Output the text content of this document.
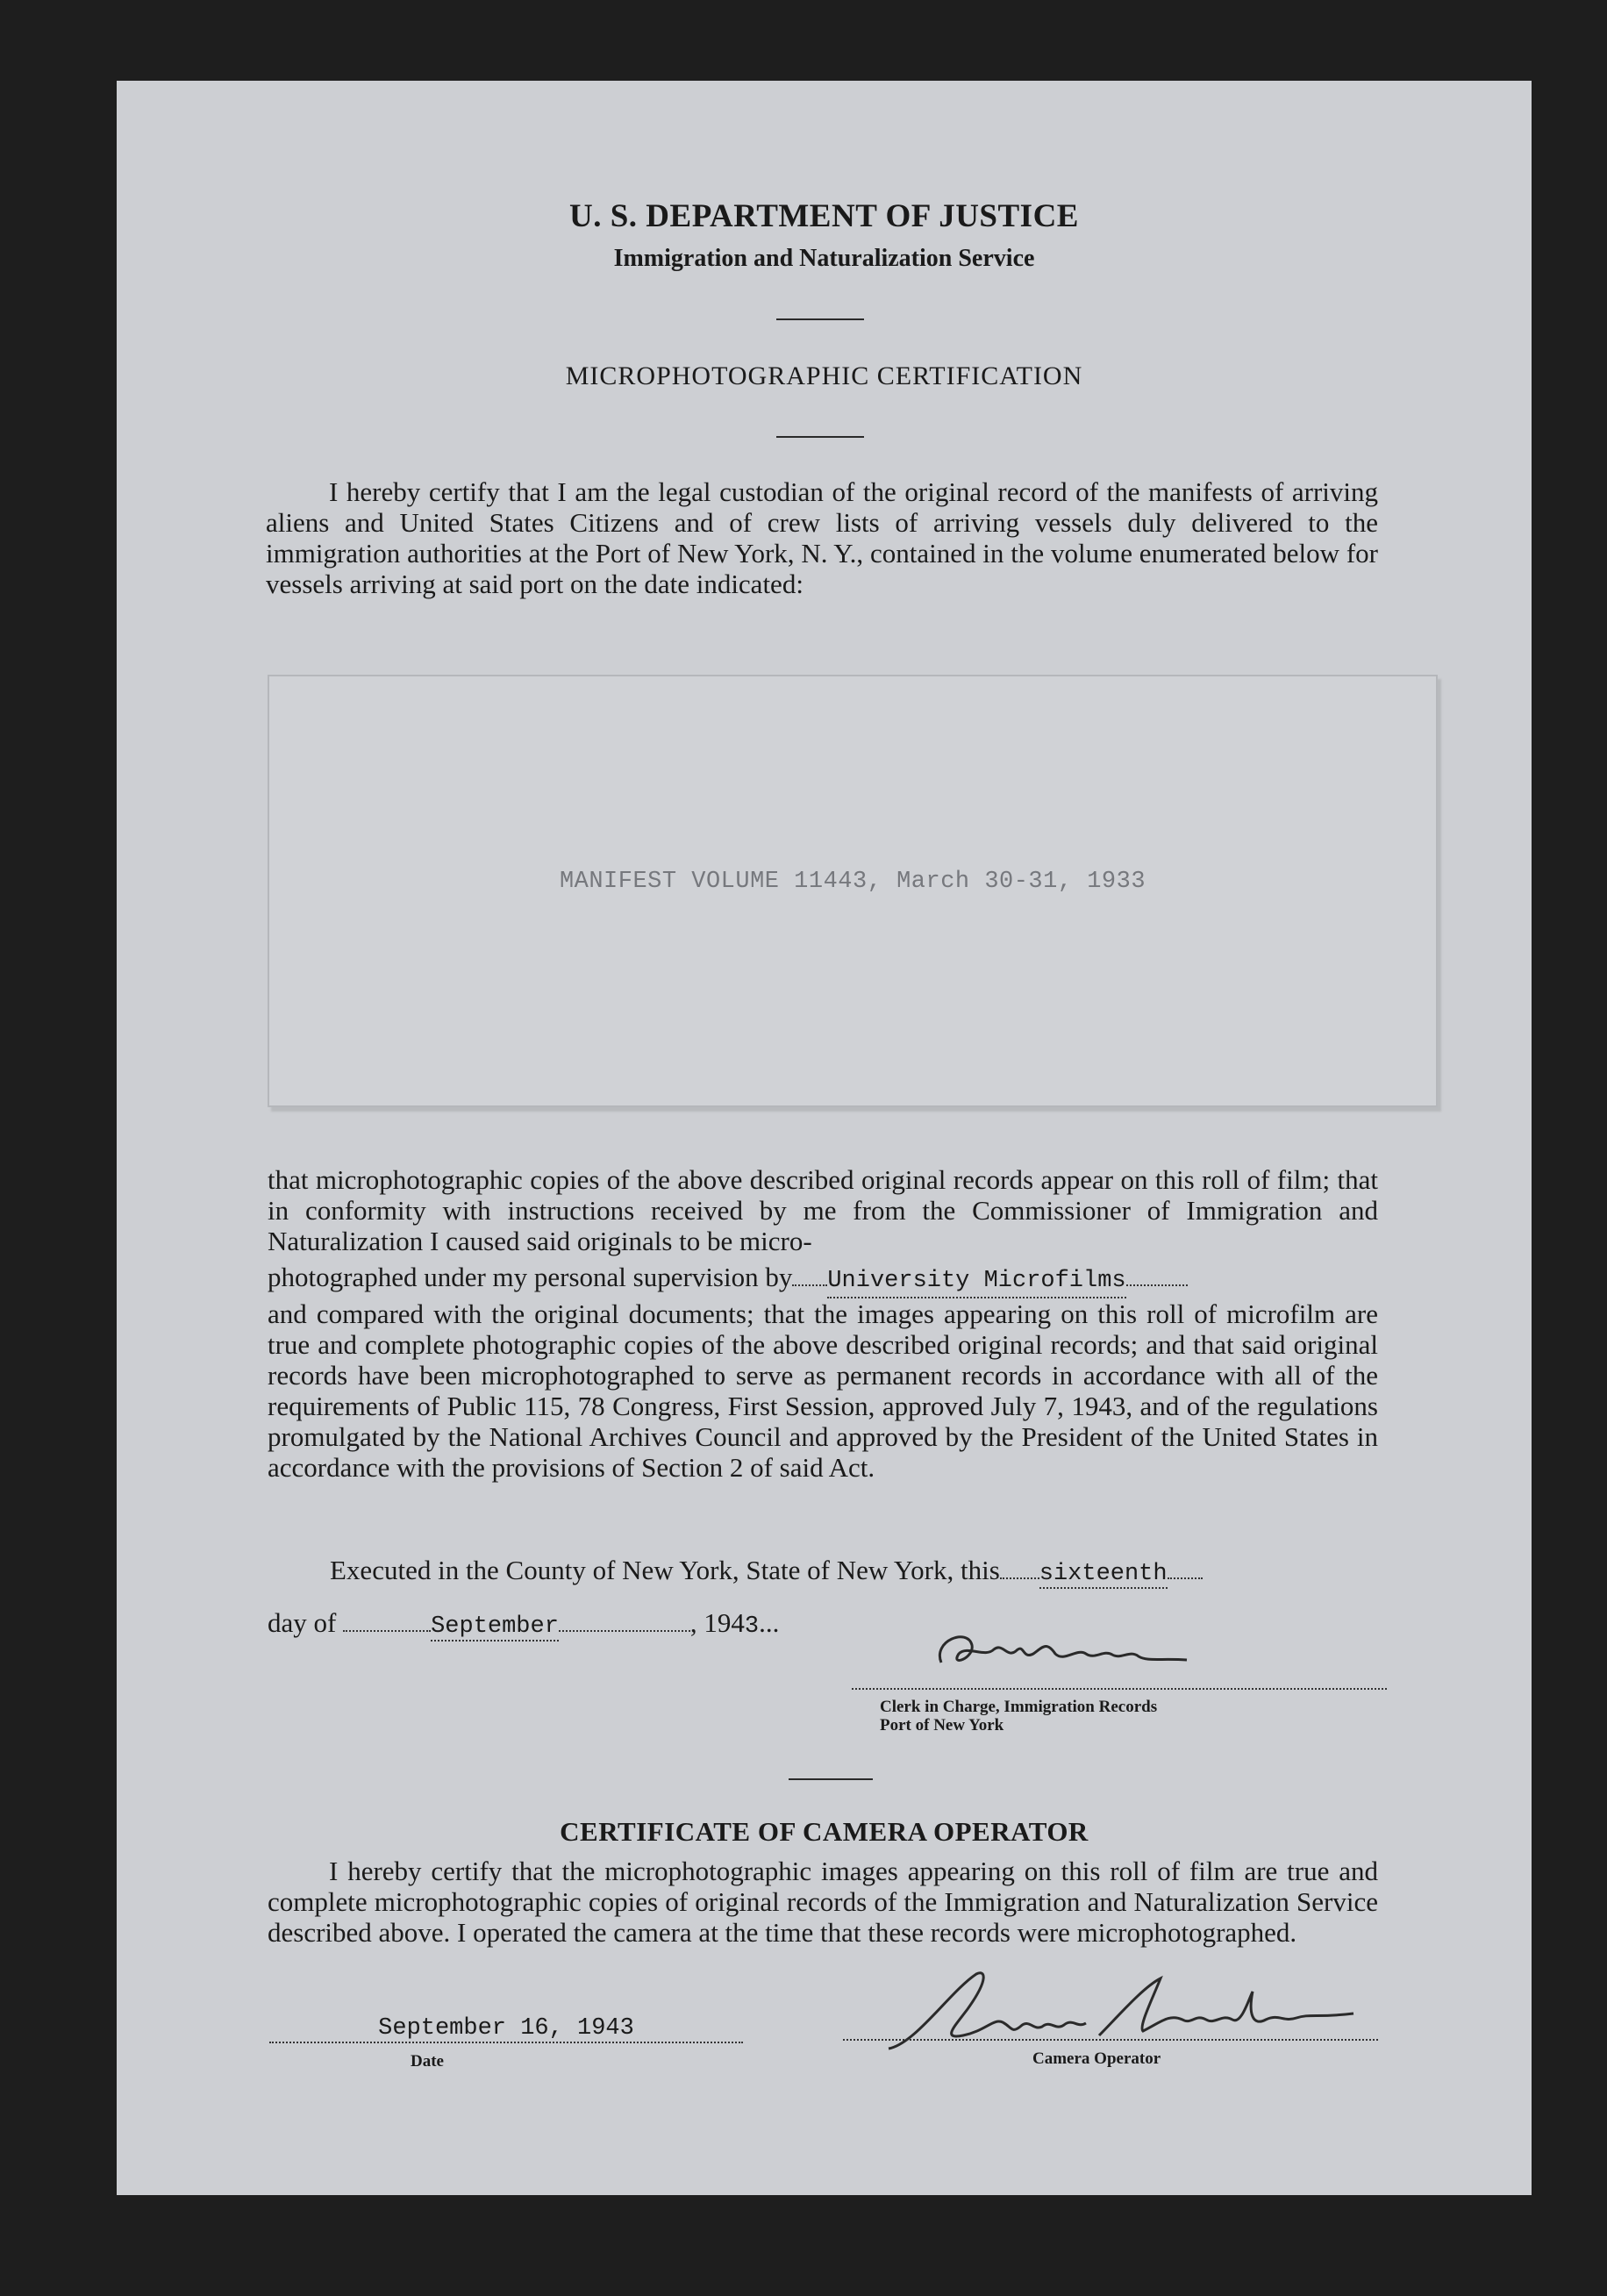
U. S. DEPARTMENT OF JUSTICE
Immigration and Naturalization Service
MICROPHOTOGRAPHIC CERTIFICATION

I hereby certify that I am the legal custodian of the original record of the manifests of arriving aliens and United States Citizens and of crew lists of arriving vessels duly delivered to the immigration authorities at the Port of New York, N. Y., contained in the volume enumerated below for vessels arriving at said port on the date indicated:

MANIFEST VOLUME 11443, March 30-31, 1933

that microphotographic copies of the above described original records appear on this roll of film; that in conformity with instructions received by me from the Commissioner of Immigration and Naturalization I caused said originals to be micro-

photographed under my personal supervision by University Microfilms

and compared with the original documents; that the images appearing on this roll of microfilm are true and complete photographic copies of the above described original records; and that said original records have been microphotographed to serve as permanent records in accordance with all of the requirements of Public 115, 78 Congress, First Session, approved July 7, 1943, and of the regulations promulgated by the National Archives Council and approved by the President of the United States in accordance with the provisions of Section 2 of said Act.

Executed in the County of New York, State of New York, this sixteenth
day of	September	, 1943...
Clerk in Charge, Immigration Records
Port of New York
CERTIFICATE OF CAMERA OPERATOR

I hereby certify that the microphotographic images appearing on this roll of film are true and complete microphotographic copies of original records of the Immigration and Naturalization Service described above. I operated the camera at the time that these records were microphotographed.

September 16, 1943
Date	Camera Operator
